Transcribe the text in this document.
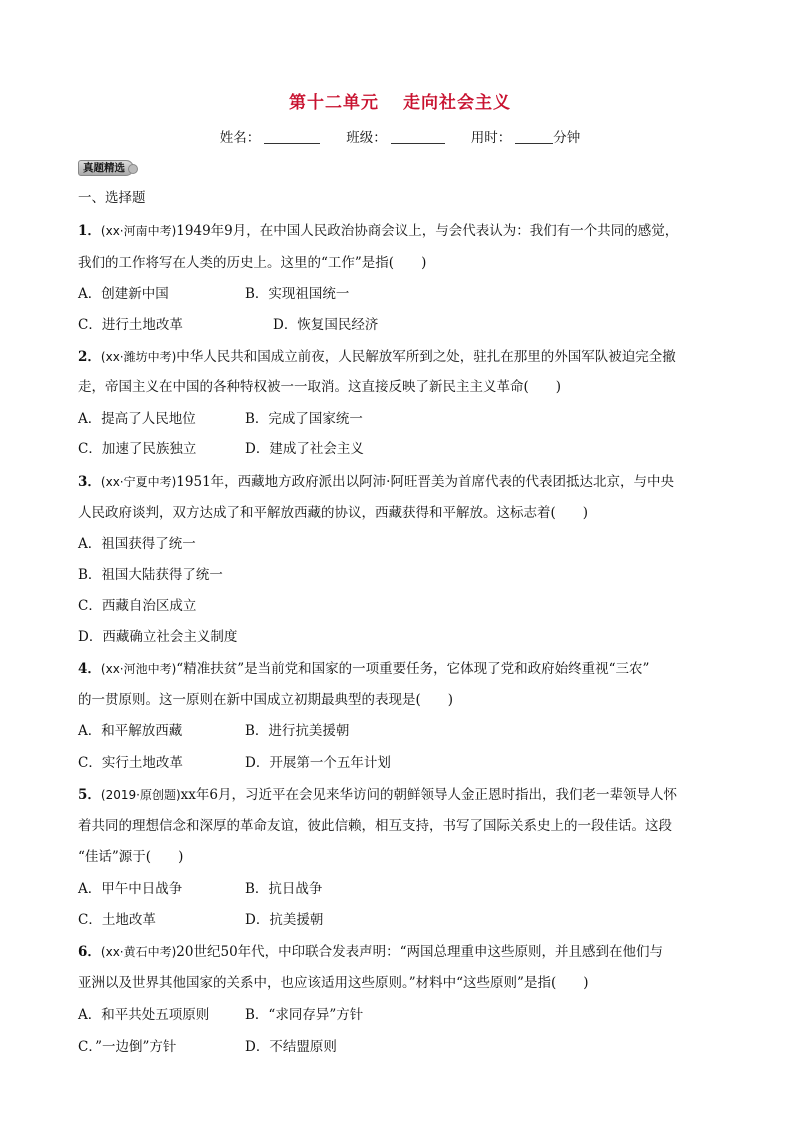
第十二单元 走向社会主义
姓名：	班级：	用时：	分钟
真题精选
一、选择题
1．(xx·河南中考)1949年9月，在中国人民政治协商会议上，与会代表认为：我们有一个共同的感觉，
我们的工作将写在人类的历史上。这里的“工作”是指(　　)
A．创建新中国	B．实现祖国统一
C．进行土地改革	D．恢复国民经济
2．(xx·潍坊中考)中华人民共和国成立前夜，人民解放军所到之处，驻扎在那里的外国军队被迫完全撤
走，帝国主义在中国的各种特权被一一取消。这直接反映了新民主主义革命(　　)
A．提高了人民地位	B．完成了国家统一
C．加速了民族独立	D．建成了社会主义
3．(xx·宁夏中考)1951年，西藏地方政府派出以阿沛·阿旺晋美为首席代表的代表团抵达北京，与中央
人民政府谈判，双方达成了和平解放西藏的协议，西藏获得和平解放。这标志着(　　)
A．祖国获得了统一
B．祖国大陆获得了统一
C．西藏自治区成立
D．西藏确立社会主义制度
4．(xx·河池中考)“精准扶贫”是当前党和国家的一项重要任务，它体现了党和政府始终重视“三农”
的一贯原则。这一原则在新中国成立初期最典型的表现是(　　)
A．和平解放西藏	B．进行抗美援朝
C．实行土地改革	D．开展第一个五年计划
5．(2019·原创题)xx年6月，习近平在会见来华访问的朝鲜领导人金正恩时指出，我们老一辈领导人怀
着共同的理想信念和深厚的革命友谊，彼此信赖，相互支持，书写了国际关系史上的一段佳话。这段
“佳话”源于(　　)
A．甲午中日战争	B．抗日战争
C．土地改革	D．抗美援朝
6．(xx·黄石中考)20世纪50年代，中印联合发表声明：“两国总理重申这些原则，并且感到在他们与
亚洲以及世界其他国家的关系中，也应该适用这些原则。”材料中“这些原则”是指(　　)
A．和平共处五项原则	B．“求同存异”方针
C．”一边倒”方针	D．不结盟原则
